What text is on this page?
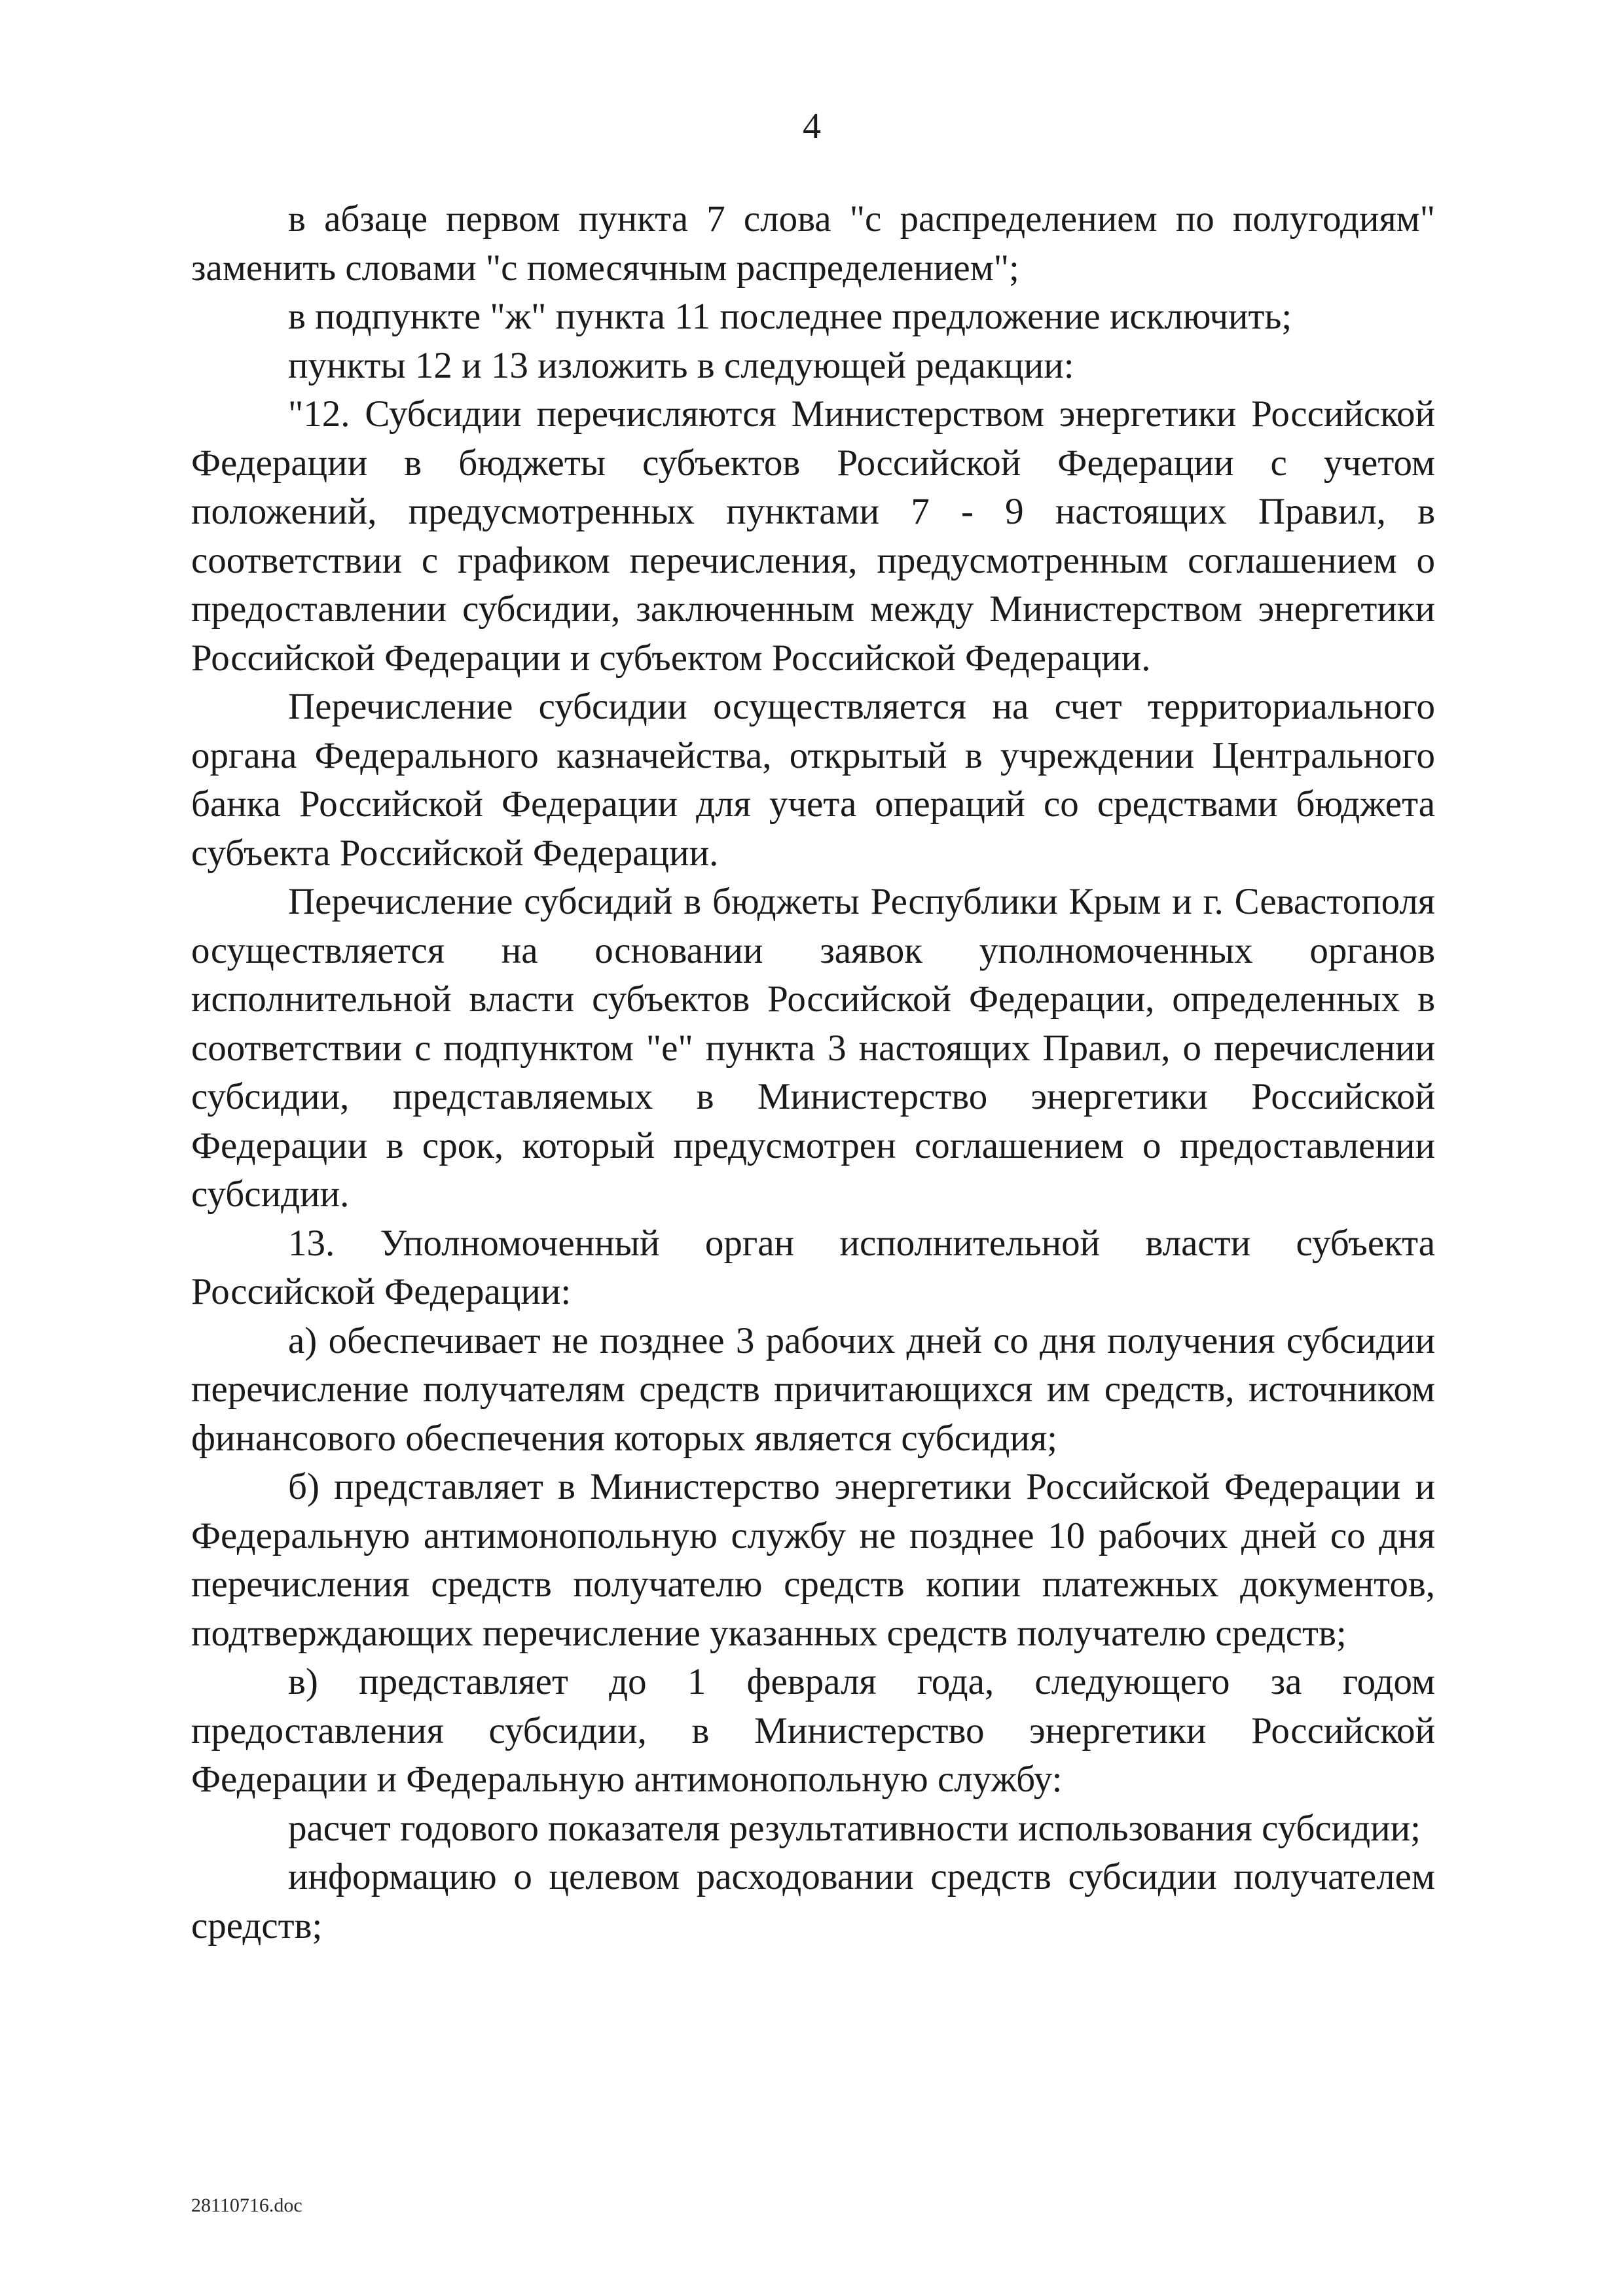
4

в абзаце первом пункта 7 слова "с распределением по полугодиям" заменить словами "с помесячным распределением";

в подпункте "ж" пункта 11 последнее предложение исключить;

пункты 12 и 13 изложить в следующей редакции:

"12. Субсидии перечисляются Министерством энергетики Российской Федерации в бюджеты субъектов Российской Федерации с учетом положений, предусмотренных пунктами 7 - 9 настоящих Правил, в соответствии с графиком перечисления, предусмотренным соглашением о предоставлении субсидии, заключенным между Министерством энергетики Российской Федерации и субъектом Российской Федерации.

Перечисление субсидии осуществляется на счет территориального органа Федерального казначейства, открытый в учреждении Центрального банка Российской Федерации для учета операций со средствами бюджета субъекта Российской Федерации.

Перечисление субсидий в бюджеты Республики Крым и г. Севастополя осуществляется на основании заявок уполномоченных органов исполнительной власти субъектов Российской Федерации, определенных в соответствии с подпунктом "е" пункта 3 настоящих Правил, о перечислении субсидии, представляемых в Министерство энергетики Российской Федерации в срок, который предусмотрен соглашением о предоставлении субсидии.

13. Уполномоченный орган исполнительной власти субъекта Российской Федерации:

а) обеспечивает не позднее 3 рабочих дней со дня получения субсидии перечисление получателям средств причитающихся им средств, источником финансового обеспечения которых является субсидия;

б) представляет в Министерство энергетики Российской Федерации и Федеральную антимонопольную службу не позднее 10 рабочих дней со дня перечисления средств получателю средств копии платежных документов, подтверждающих перечисление указанных средств получателю средств;

в) представляет до 1 февраля года, следующего за годом предоставления субсидии, в Министерство энергетики Российской Федерации и Федеральную антимонопольную службу:

расчет годового показателя результативности использования субсидии;

информацию о целевом расходовании средств субсидии получателем средств;

28110716.doc
